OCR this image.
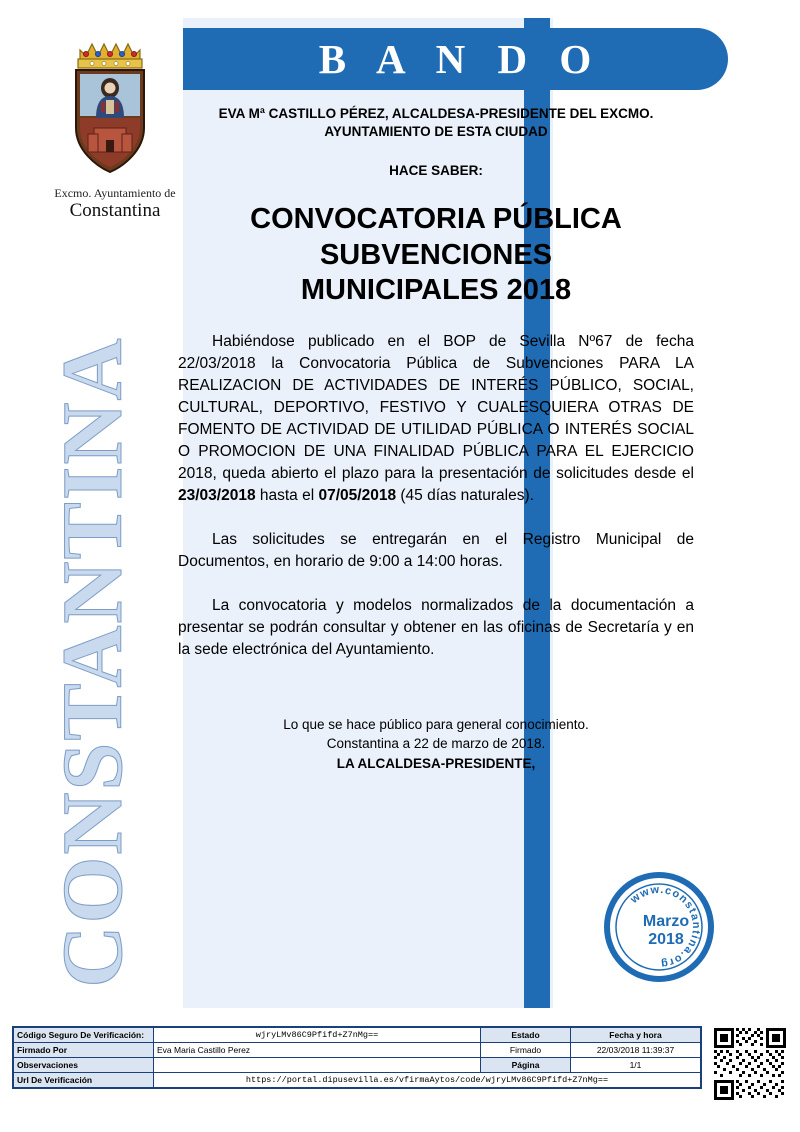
CONSTANTINA
Excmo. Ayuntamiento de
Constantina
B A N D O
EVA Mª CASTILLO PÉREZ, ALCALDESA-PRESIDENTE DEL EXCMO. AYUNTAMIENTO DE ESTA CIUDAD
HACE SABER:
CONVOCATORIA PÚBLICA
SUBVENCIONES
MUNICIPALES 2018

Habiéndose publicado en el BOP de Sevilla Nº67 de fecha 22/03/2018 la Convocatoria Pública de Subvenciones PARA LA REALIZACION DE ACTIVIDADES DE INTERÉS PÚBLICO, SOCIAL, CULTURAL, DEPORTIVO, FESTIVO Y CUALESQUIERA OTRAS DE FOMENTO DE ACTIVIDAD DE UTILIDAD PÚBLICA O INTERÉS SOCIAL O PROMOCION DE UNA FINALIDAD PÚBLICA PARA EL EJERCICIO 2018, queda abierto el plazo para la presentación de solicitudes desde el 23/03/2018 hasta el 07/05/2018 (45 días naturales).

Las solicitudes se entregarán en el Registro Municipal de Documentos, en horario de 9:00 a 14:00 horas.

La convocatoria y modelos normalizados de la documentación a presentar se podrán consultar y obtener en las oficinas de Secretaría y en la sede electrónica del Ayuntamiento.

Lo que se hace público para general conocimiento.
Constantina a 22 de marzo de 2018.
LA ALCALDESA-PRESIDENTE,
www.constantina.org
Marzo
2018
Código Seguro De Verificación:	wjryLMv86C9Pfifd+Z7nMg==	Estado	Fecha y hora
Firmado Por	Eva Maria Castillo Perez	Firmado	22/03/2018 11:39:37
Observaciones		Página	1/1
Url De Verificación	https://portal.dipusevilla.es/vfirmaAytos/code/wjryLMv86C9Pfifd+Z7nMg==		
